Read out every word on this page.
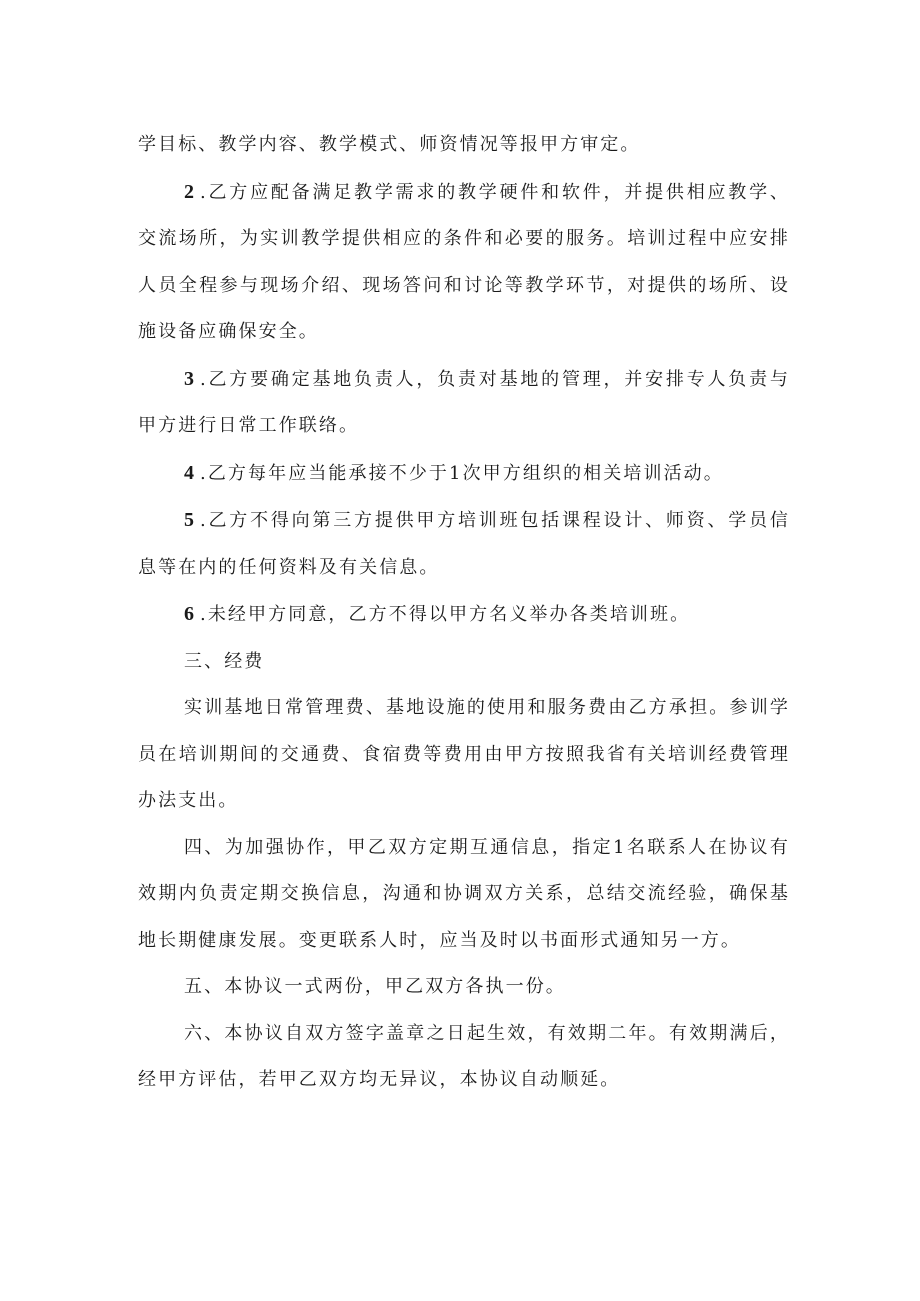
学目标、教学内容、教学模式、师资情况等报甲方审定。

2 .乙方应配备满足教学需求的教学硬件和软件，并提供相应教学、交流场所，为实训教学提供相应的条件和必要的服务。培训过程中应安排人员全程参与现场介绍、现场答问和讨论等教学环节，对提供的场所、设施设备应确保安全。

3 .乙方要确定基地负责人，负责对基地的管理，并安排专人负责与甲方进行日常工作联络。

4 .乙方每年应当能承接不少于1次甲方组织的相关培训活动。

5 .乙方不得向第三方提供甲方培训班包括课程设计、师资、学员信息等在内的任何资料及有关信息。

6 .未经甲方同意，乙方不得以甲方名义举办各类培训班。

三、经费

实训基地日常管理费、基地设施的使用和服务费由乙方承担。参训学员在培训期间的交通费、食宿费等费用由甲方按照我省有关培训经费管理办法支出。

四、为加强协作，甲乙双方定期互通信息，指定1名联系人在协议有效期内负责定期交换信息，沟通和协调双方关系，总结交流经验，确保基地长期健康发展。变更联系人时，应当及时以书面形式通知另一方。

五、本协议一式两份，甲乙双方各执一份。

六、本协议自双方签字盖章之日起生效，有效期二年。有效期满后，经甲方评估，若甲乙双方均无异议，本协议自动顺延。
